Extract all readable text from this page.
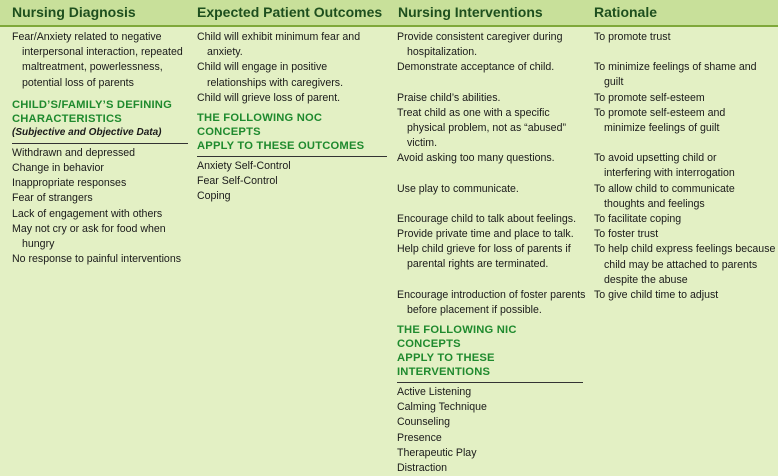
Nursing Diagnosis	Expected Patient Outcomes Nursing Interventions	Rationale

Fear/Anxiety related to negative

interpersonal interaction, repeated

maltreatment, powerlessness,

potential loss of parents

CHILD’S/FAMILY’S DEFINING

CHARACTERISTICS

(Subjective and Objective Data)

Withdrawn and depressed

Change in behavior

Inappropriate responses

Fear of strangers

Lack of engagement with others

May not cry or ask for food when hungry

No response to painful interventions

Child will exhibit minimum fear and anxiety.

Child will engage in positive relationships with caregivers.

Child will grieve loss of parent.

THE FOLLOWING NOC CONCEPTS

APPLY TO THESE OUTCOMES

Anxiety Self-Control

Fear Self-Control

Coping

Provide consistent caregiver during hospitalization.

Demonstrate acceptance of child.

Praise child’s abilities.

Treat child as one with a specific physical problem, not as “abused” victim.

Avoid asking too many questions.

Use play to communicate.

Encourage child to talk about feelings.

Provide private time and place to talk.

Help child grieve for loss of parents if parental rights are terminated.

Encourage introduction of foster parents before placement if possible.

THE FOLLOWING NIC CONCEPTS

APPLY TO THESE INTERVENTIONS

Active Listening

Calming Technique

Counseling

Presence

Therapeutic Play

Distraction

To promote trust

To minimize feelings of shame and guilt

To promote self-esteem

To promote self-esteem and minimize feelings of guilt

To avoid upsetting child or interfering with interrogation

To allow child to communicate thoughts and feelings

To facilitate coping

To foster trust

To help child express feelings because child may be attached to parents despite the abuse

To give child time to adjust
